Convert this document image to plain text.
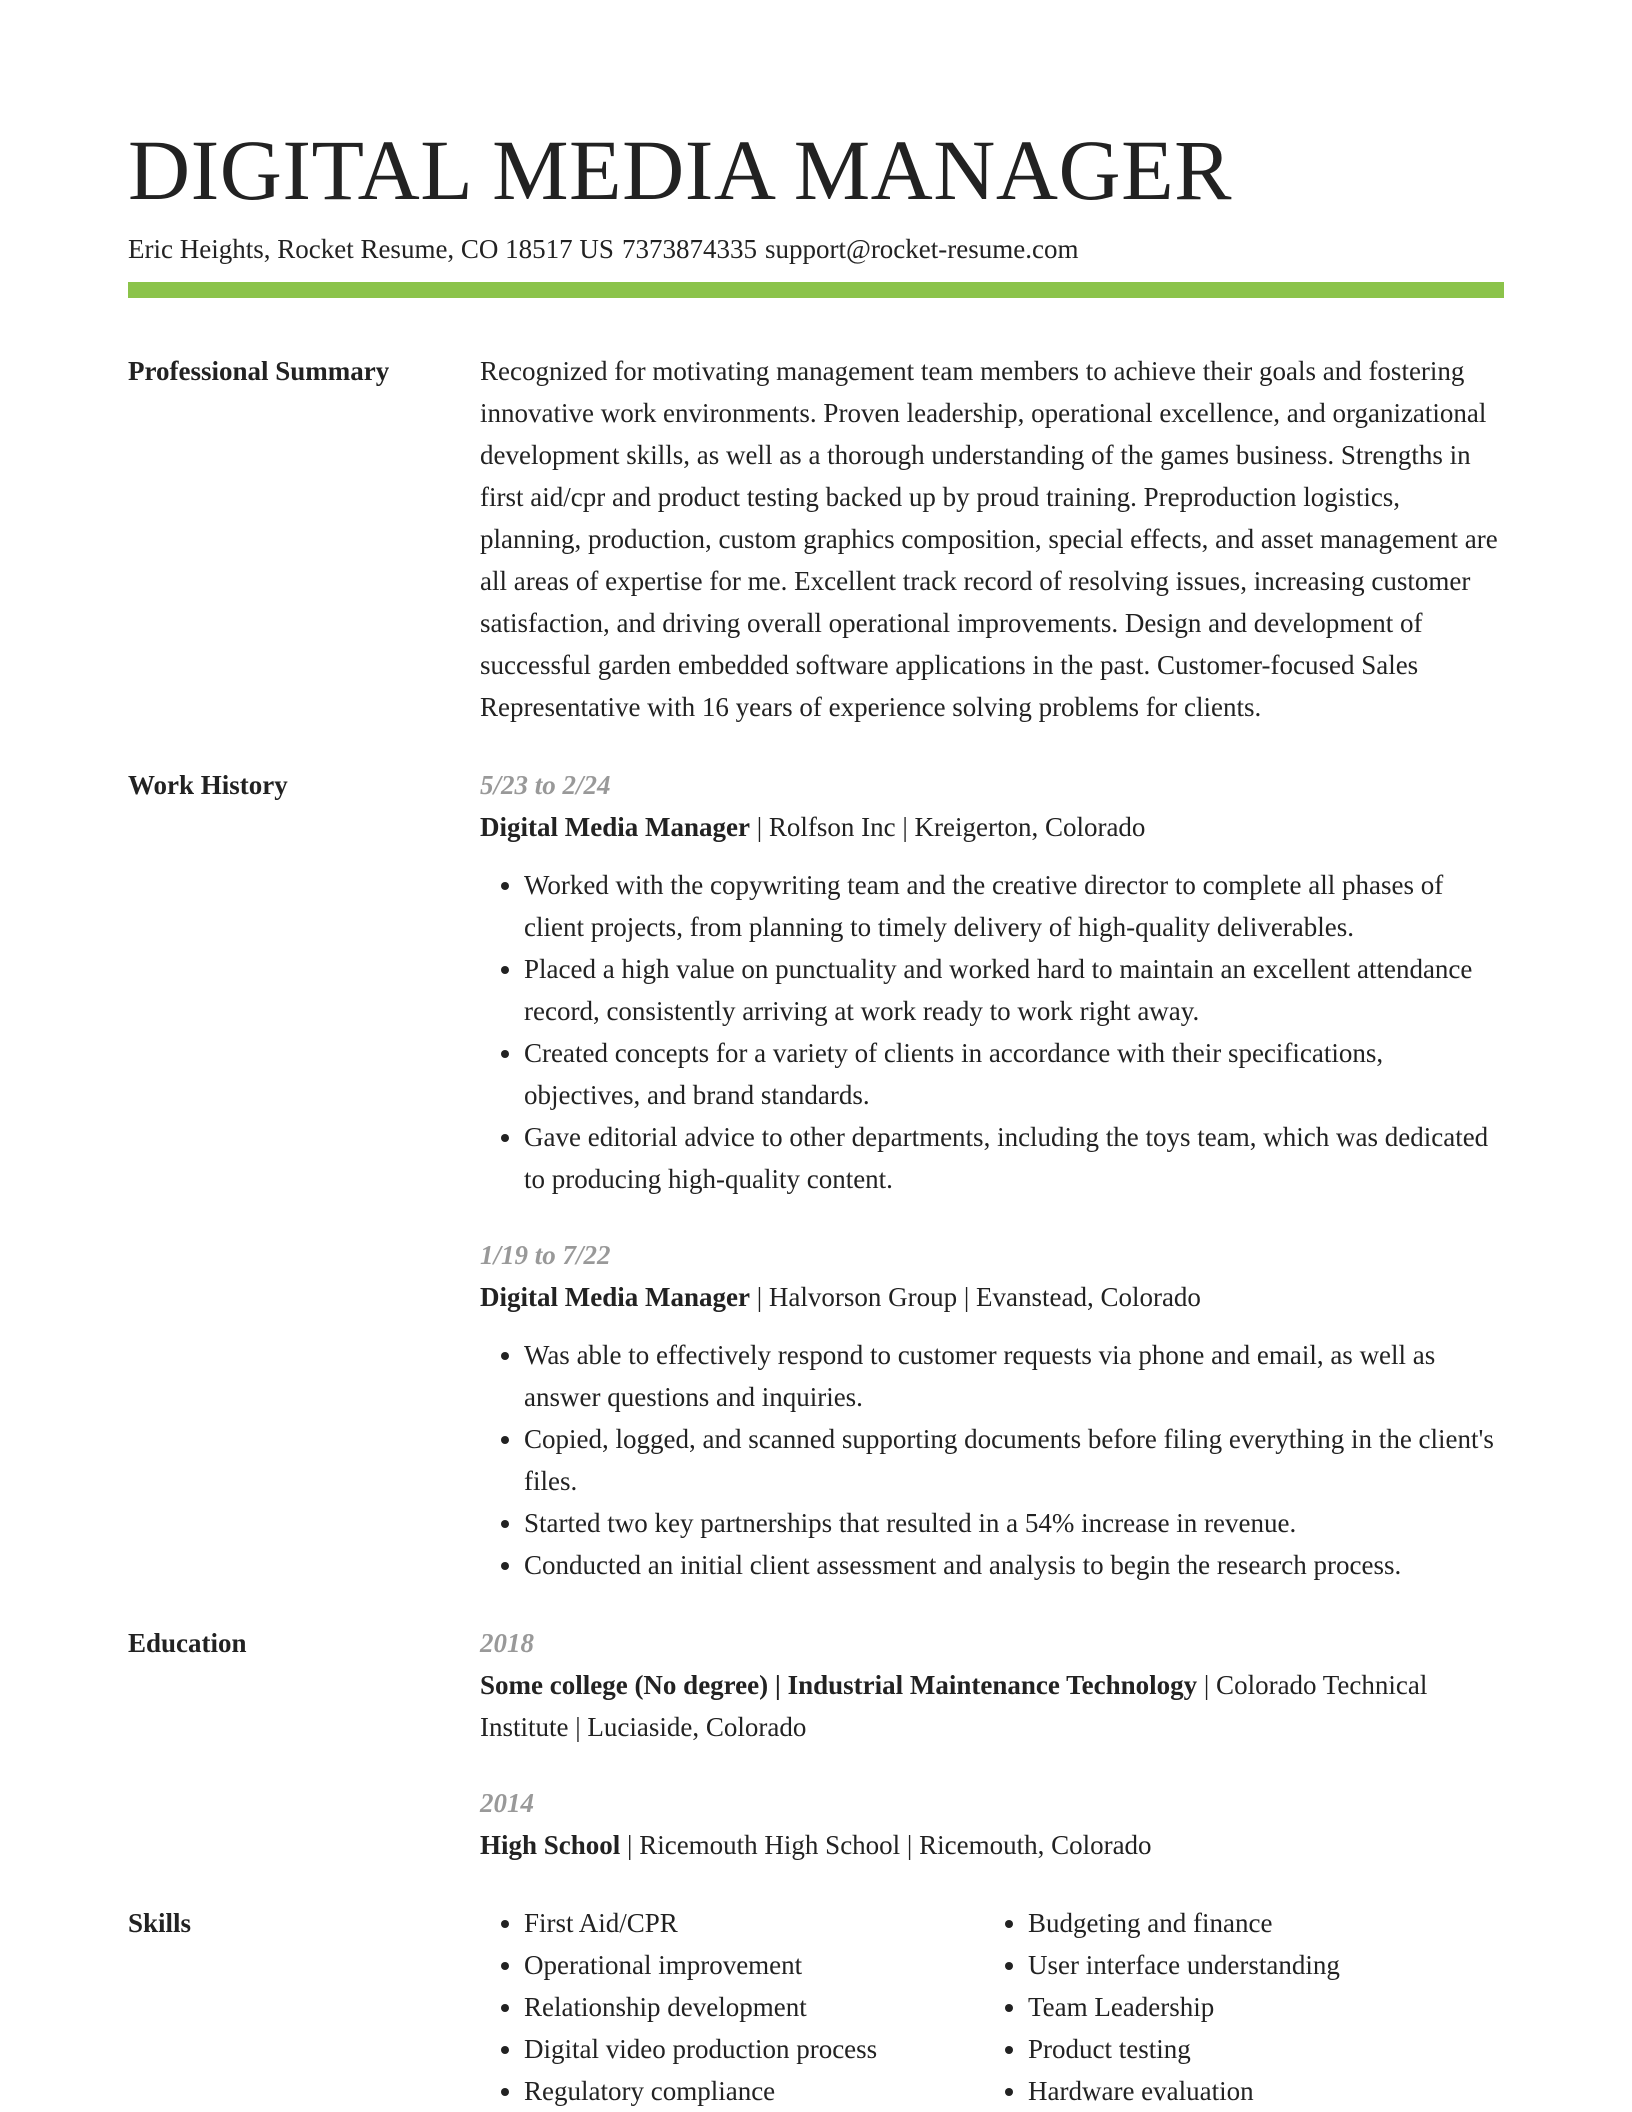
DIGITAL MEDIA MANAGER
Eric Heights, Rocket Resume, CO 18517 US 7373874335 support@rocket-resume.com
Professional Summary	Recognized for motivating management team members to achieve their goals and fostering innovative work environments. Proven leadership, operational excellence, and organizational development skills, as well as a thorough understanding of the games business. Strengths in first aid/cpr and product testing backed up by proud training. Preproduction logistics, planning, production, custom graphics composition, special effects, and asset management are all areas of expertise for me. Excellent track record of resolving issues, increasing customer satisfaction, and driving overall operational improvements. Design and development of successful garden embedded software applications in the past. Customer-focused Sales Representative with 16 years of experience solving problems for clients.

Work History	5/23 to 2/24
Digital Media Manager | Rolfson Inc | Kreigerton, Colorado
• Worked with the copywriting team and the creative director to complete all phases of client projects, from planning to timely delivery of high-quality deliverables.
• Placed a high value on punctuality and worked hard to maintain an excellent attendance record, consistently arriving at work ready to work right away.
• Created concepts for a variety of clients in accordance with their specifications, objectives, and brand standards.
• Gave editorial advice to other departments, including the toys team, which was dedicated to producing high-quality content.
1/19 to 7/22
Digital Media Manager | Halvorson Group | Evanstead, Colorado
• Was able to effectively respond to customer requests via phone and email, as well as answer questions and inquiries.
• Copied, logged, and scanned supporting documents before filing everything in the client's files.
• Started two key partnerships that resulted in a 54% increase in revenue.
• Conducted an initial client assessment and analysis to begin the research process.
Education	2018
Some college (No degree) | Industrial Maintenance Technology | Colorado Technical Institute | Luciaside, Colorado
2014
High School | Ricemouth High School | Ricemouth, Colorado
Skills
•	First Aid/CPR
• Operational improvement
• Relationship development
• Digital video production process
• Regulatory compliance
• Budgeting and finance
• User interface understanding
• Team Leadership
• Product testing
• Hardware evaluation
